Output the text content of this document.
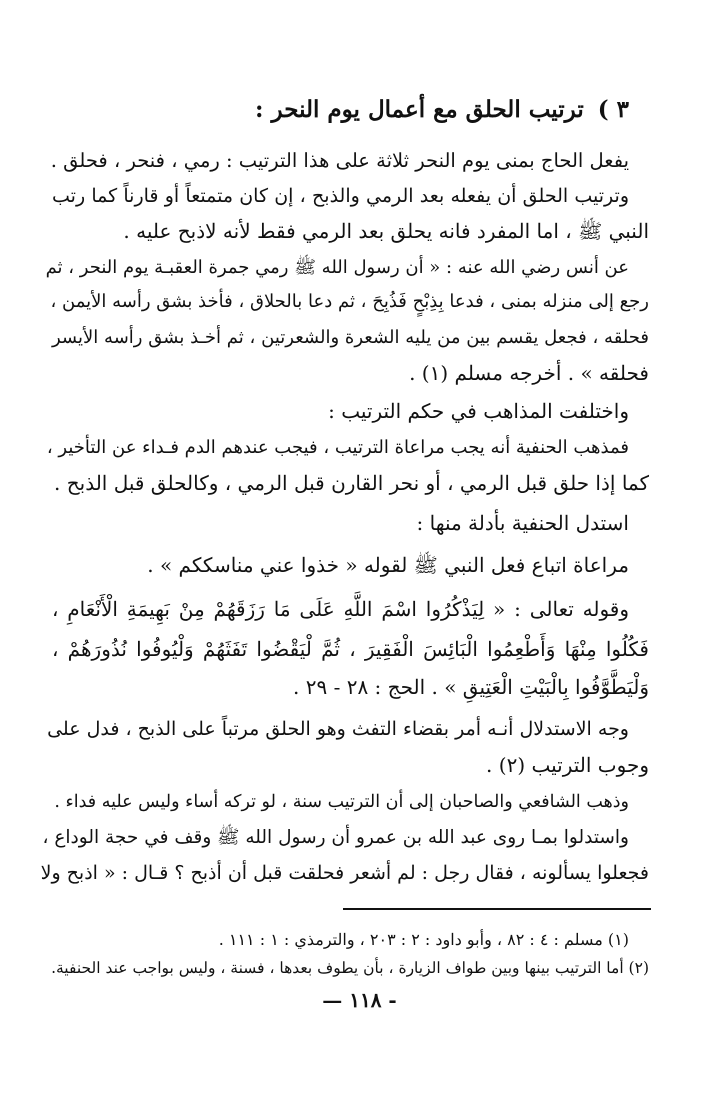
٣ ) ترتيب الحلق مع أعمال يوم النحر :
يفعل الحاج بمنى يوم النحر ثلاثة على هذا الترتيب : رمي ، فنحر ، فحلق .
وترتيب الحلق أن يفعله بعد الرمي والذبح ، إن كان متمتعاً أو قارناً كما رتب
النبي ﷺ ، اما المفرد فانه يحلق بعد الرمي فقط لأنه لاذبح عليه .
عن أنس رضي الله عنه : « أن رسول الله ﷺ رمي جمرة العقبـة يوم النحر ، ثم
رجع إلى منزله بمنى ، فدعا بِذِبْحٍ فَذُبِحَ ، ثم دعا بالحلاق ، فأخذ بشق رأسه الأيمن ،
فحلقه ، فجعل يقسم بين من يليه الشعرة والشعرتين ، ثم أخـذ بشق رأسه الأيسر
فحلقه » . أخرجه مسلم (١) .
واختلفت المذاهب في حكم الترتيب :
فمذهب الحنفية أنه يجب مراعاة الترتيب ، فيجب عندهم الدم فـداء عن التأخير ،
كما إذا حلق قبل الرمي ، أو نحر القارن قبل الرمي ، وكالحلق قبل الذبح .
استدل الحنفية بأدلة منها :
مراعاة اتباع فعل النبي ﷺ لقوله « خذوا عني مناسككم » .
وقوله تعالى : « لِيَذْكُرُوا اسْمَ اللَّهِ عَلَى مَا رَزَقَهُمْ مِنْ بَهِيمَةِ الْأَنْعَامِ ،
فَكُلُوا مِنْهَا وَأَطْعِمُوا الْبَائِسَ الْفَقِيرَ ، ثُمَّ لْيَقْضُوا تَفَثَهُمْ وَلْيُوفُوا نُذُورَهُمْ ،
وَلْيَطَّوَّفُوا بِالْبَيْتِ الْعَتِيقِ » . الحج : ٢٨ - ٢٩ .
وجه الاستدلال أنـه أمر بقضاء التفث وهو الحلق مرتباً على الذبح ، فدل على
وجوب الترتيب (٢) .
وذهب الشافعي والصاحبان إلى أن الترتيب سنة ، لو تركه أساء وليس عليه فداء .
واستدلوا بمـا روى عبد الله بن عمرو أن رسول الله ﷺ وقف في حجة الوداع ،
فجعلوا يسألونه ، فقال رجل : لم أشعر فحلقت قبل أن أذبح ؟ قـال : « اذبح ولا
(١) مسلم : ٤ : ٨٢ ، وأبو داود : ٢ : ٢٠٣ ، والترمذي : ١ : ١١١ .
(٢) أما الترتيب بينها وبين طواف الزيارة ، بأن يطوف بعدها ، فسنة ، وليس بواجب عند الحنفية.
— ١١٨ -
